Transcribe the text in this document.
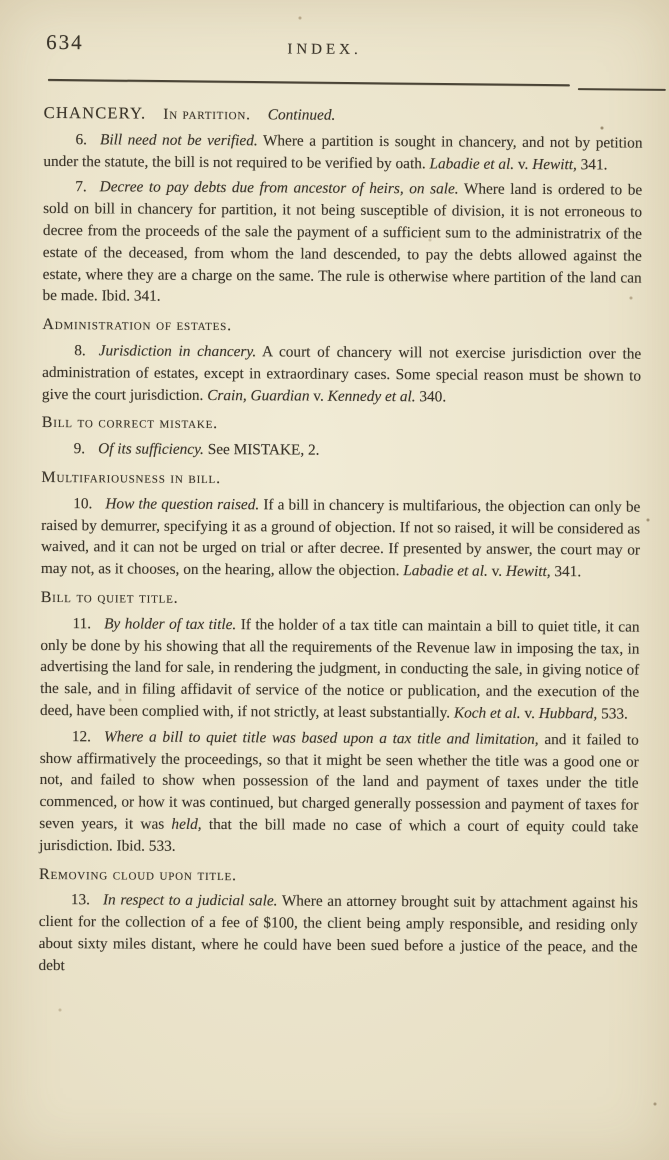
634	INDEX.

CHANCERY. In partition. Continued.

6. Bill need not be verified. Where a partition is sought in chancery, and not by petition under the statute, the bill is not required to be verified by oath. Labadie et al. v. Hewitt, 341.

7. Decree to pay debts due from ancestor of heirs, on sale. Where land is ordered to be sold on bill in chancery for partition, it not being susceptible of division, it is not erroneous to decree from the proceeds of the sale the payment of a sufficient sum to the administratrix of the estate of the deceased, from whom the land descended, to pay the debts allowed against the estate, where they are a charge on the same. The rule is otherwise where partition of the land can be made. Ibid. 341.

Administration of estates.

8. Jurisdiction in chancery. A court of chancery will not exercise jurisdiction over the administration of estates, except in extraordinary cases. Some special reason must be shown to give the court jurisdiction. Crain, Guardian v. Kennedy et al. 340.

Bill to correct mistake.

9. Of its sufficiency. See MISTAKE, 2.

Multifariousness in bill.

10. How the question raised. If a bill in chancery is multifarious, the objection can only be raised by demurrer, specifying it as a ground of objection. If not so raised, it will be considered as waived, and it can not be urged on trial or after decree. If presented by answer, the court may or may not, as it chooses, on the hearing, allow the objection. Labadie et al. v. Hewitt, 341.

Bill to quiet title.

11. By holder of tax title. If the holder of a tax title can maintain a bill to quiet title, it can only be done by his showing that all the requirements of the Revenue law in imposing the tax, in advertising the land for sale, in rendering the judgment, in conducting the sale, in giving notice of the sale, and in filing affidavit of service of the notice or publication, and the execution of the deed, have been complied with, if not strictly, at least substantially. Koch et al. v. Hubbard, 533.

12. Where a bill to quiet title was based upon a tax title and limitation, and it failed to show affirmatively the proceedings, so that it might be seen whether the title was a good one or not, and failed to show when possession of the land and payment of taxes under the title commenced, or how it was continued, but charged generally possession and payment of taxes for seven years, it was held, that the bill made no case of which a court of equity could take jurisdiction. Ibid. 533.

Removing cloud upon title.

13. In respect to a judicial sale. Where an attorney brought suit by attachment against his client for the collection of a fee of $100, the client being amply responsible, and residing only about sixty miles distant, where he could have been sued before a justice of the peace, and the debt
